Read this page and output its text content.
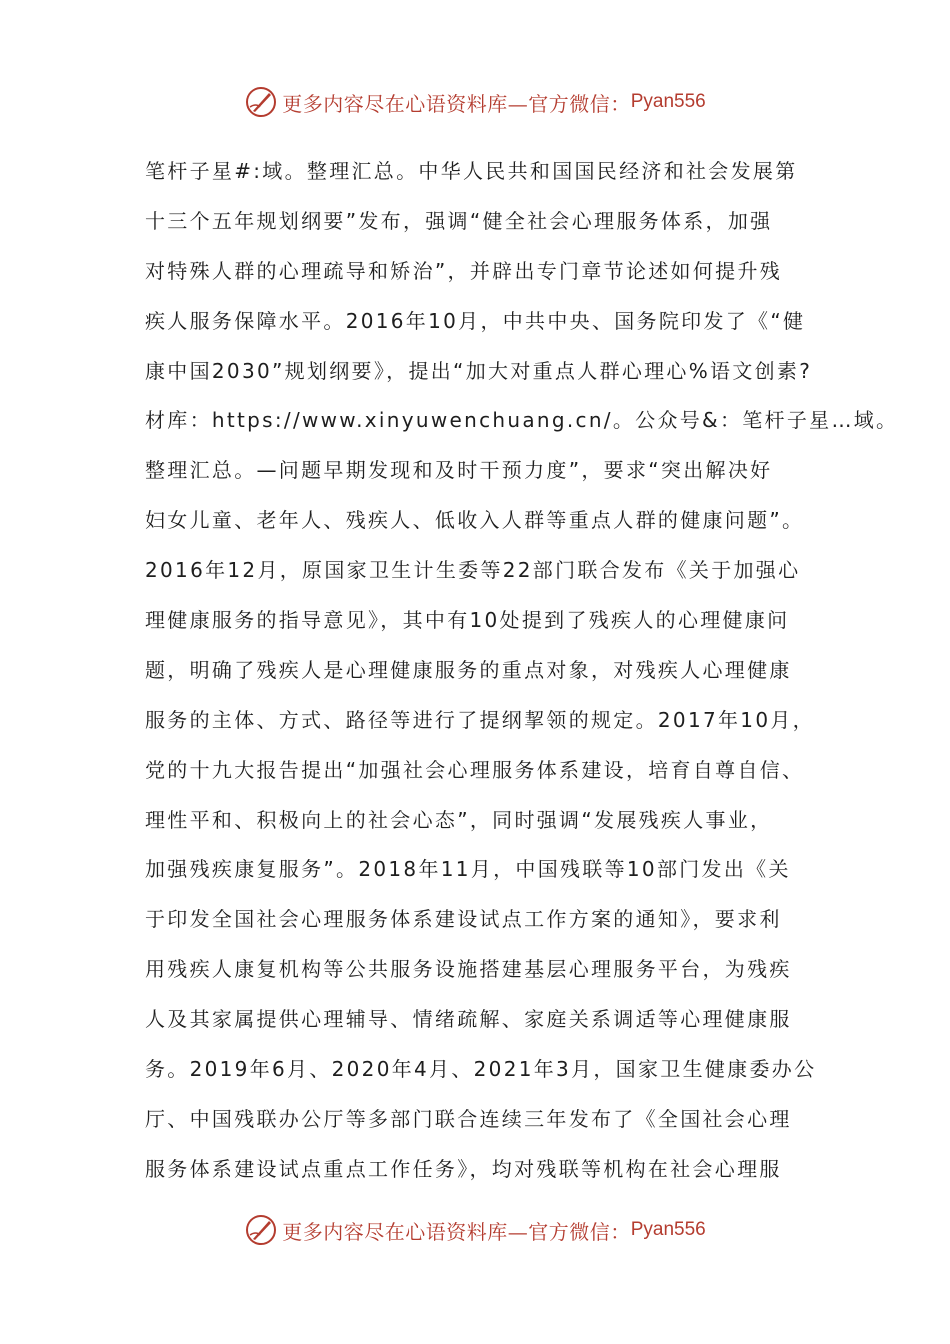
更多内容尽在心语资料库—官方微信： Pyan556
笔杆子星#:域。整理汇总。中华人民共和国国民经济和社会发展第
十三个五年规划纲要”发布，强调“健全社会心理服务体系，加强
对特殊人群的心理疏导和矫治”，并辟出专门章节论述如何提升残
疾人服务保障水平。2016年10月，中共中央、国务院印发了《“健
康中国2030”规划纲要》，提出“加大对重点人群心理心%语文创素?
材库：https://www.xinyuwenchuang.cn/。公众号&：笔杆子星…域。
整理汇总。—问题早期发现和及时干预力度”，要求“突出解决好
妇女儿童、老年人、残疾人、低收入人群等重点人群的健康问题”。
2016年12月，原国家卫生计生委等22部门联合发布《关于加强心
理健康服务的指导意见》，其中有10处提到了残疾人的心理健康问
题，明确了残疾人是心理健康服务的重点对象，对残疾人心理健康
服务的主体、方式、路径等进行了提纲挈领的规定。2017年10月，
党的十九大报告提出“加强社会心理服务体系建设，培育自尊自信、
理性平和、积极向上的社会心态”，同时强调“发展残疾人事业，
加强残疾康复服务”。2018年11月，中国残联等10部门发出《关
于印发全国社会心理服务体系建设试点工作方案的通知》，要求利
用残疾人康复机构等公共服务设施搭建基层心理服务平台，为残疾
人及其家属提供心理辅导、情绪疏解、家庭关系调适等心理健康服
务。2019年6月、2020年4月、2021年3月，国家卫生健康委办公
厅、中国残联办公厅等多部门联合连续三年发布了《全国社会心理
服务体系建设试点重点工作任务》，均对残联等机构在社会心理服
更多内容尽在心语资料库—官方微信： Pyan556
